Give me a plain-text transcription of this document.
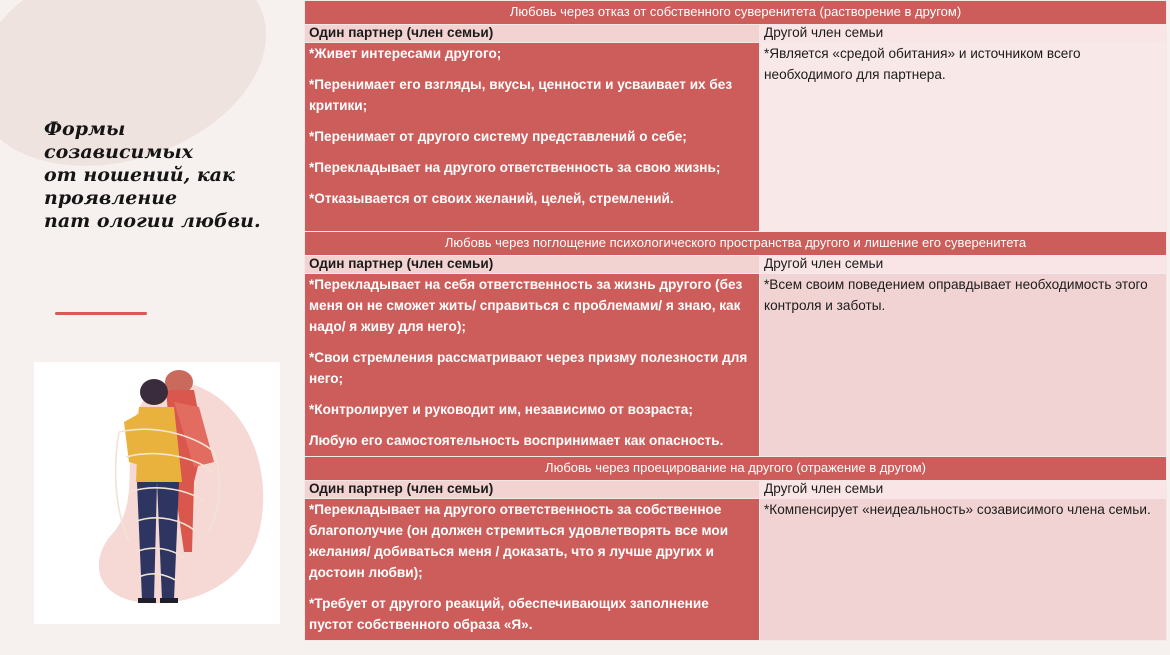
Формы
созависимых
от ношений, как
проявление
пат ологии любви.
Любовь через отказ от собственного суверенитета (растворение в другом)	
Один партнер (член семьи)	Другой член семьи

*Живет интересами другого;
*Перенимает его взгляды, вкусы, ценности и усваивает их без критики;
*Перенимает от другого систему представлений о себе;
*Перекладывает на другого ответственность за свою жизнь;
*Отказывается от своих желаний, целей, стремлений.	*Является «средой обитания» и источником всего необходимого для партнера.
Любовь через поглощение психологического пространства другого и лишение его суверенитета	
Один партнер (член семьи)	Другой член семьи

*Перекладывает на себя ответственность за жизнь другого (без меня он не сможет жить/ справиться с проблемами/ я знаю, как надо/ я живу для него);
*Свои стремления рассматривают через призму полезности для него;
*Контролирует и руководит им, независимо от возраста;
Любую его самостоятельность воспринимает как опасность.	*Всем своим поведением оправдывает необходимость этого контроля и заботы.
Любовь через проецирование на другого (отражение в другом)	
Один партнер (член семьи)	Другой член семьи

*Перекладывает на другого ответственность за собственное благополучие (он должен стремиться удовлетворять все мои желания/ добиваться меня / доказать, что я лучше других и достоин любви);
*Требует от другого реакций, обеспечивающих заполнение пустот собственного образа «Я».	*Компенсирует «неидеальность» созависимого члена семьи.
